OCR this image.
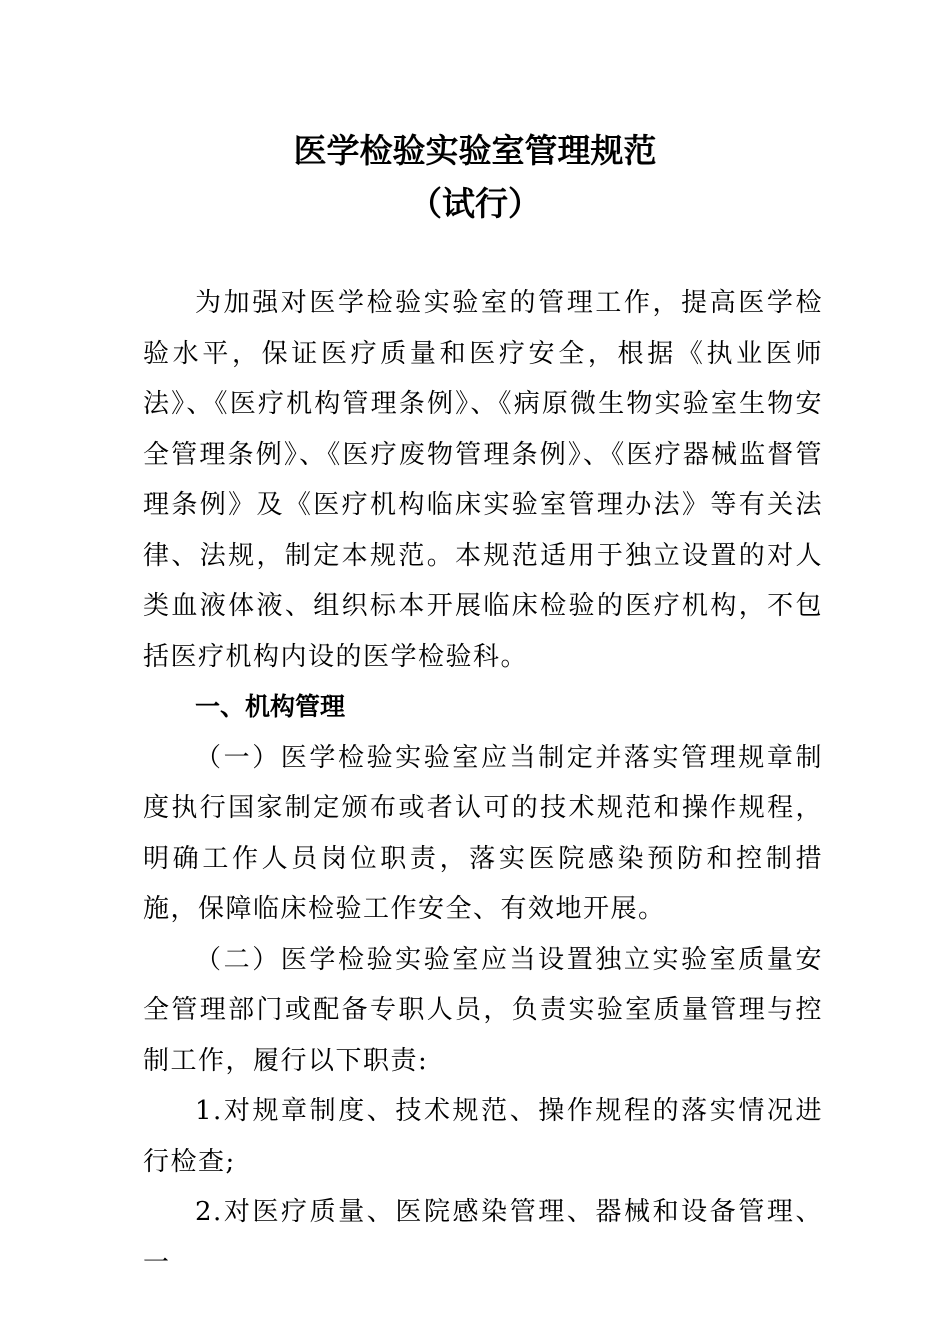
医学检验实验室管理规范
（试行）

为加强对医学检验实验室的管理工作，提高医学检验水平，保证医疗质量和医疗安全，根据《执业医师法》、《医疗机构管理条例》、《病原微生物实验室生物安全管理条例》、《医疗废物管理条例》、《医疗器械监督管理条例》及《医疗机构临床实验室管理办法》等有关法律、法规，制定本规范。本规范适用于独立设置的对人类血液体液、组织标本开展临床检验的医疗机构，不包括医疗机构内设的医学检验科。

一、机构管理

（一）医学检验实验室应当制定并落实管理规章制度执行国家制定颁布或者认可的技术规范和操作规程，明确工作人员岗位职责，落实医院感染预防和控制措施，保障临床检验工作安全、有效地开展。

（二）医学检验实验室应当设置独立实验室质量安全管理部门或配备专职人员，负责实验室质量管理与控制工作，履行以下职责:

1.对规章制度、技术规范、操作规程的落实情况进行检查;

2.对医疗质量、医院感染管理、器械和设备管理、一
